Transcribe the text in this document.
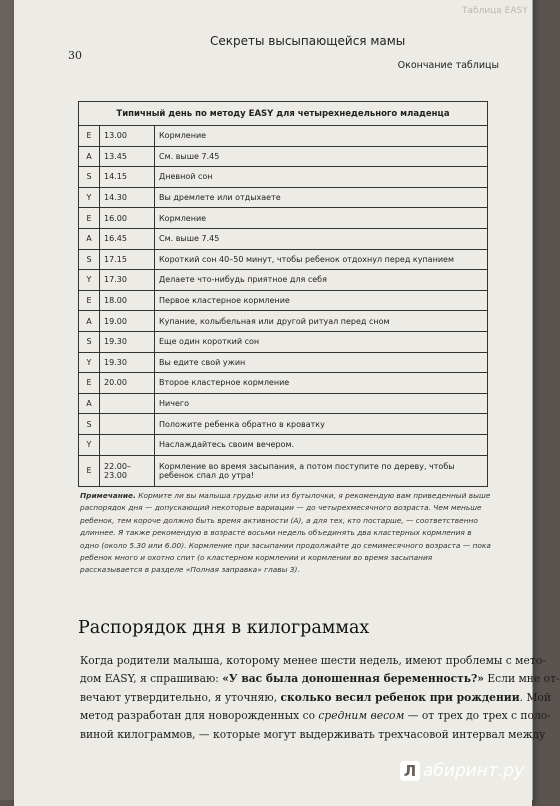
Таблица EASY
30
Секреты высыпающейся мамы
Окончание таблицы
Типичный день по методу EASY для четырехнедельного младенца		
E	13.00	Кормление
A	13.45	См. выше 7.45
S	14.15	Дневной сон
Y	14.30	Вы дремлете или отдыхаете
E	16.00	Кормление
A	16.45	См. выше 7.45
S	17.15	Короткий сон 40–50 минут, чтобы ребенок отдохнул перед купанием
Y	17.30	Делаете что-нибудь приятное для себя
E	18.00	Первое кластерное кормление
A	19.00	Купание, колыбельная или другой ритуал перед сном
S	19.30	Еще один короткий сон
Y	19.30	Вы едите свой ужин
E	20.00	Второе кластерное кормление
A		Ничего
S		Положите ребенка обратно в кроватку
Y		Наслаждайтесь своим вечером.
E	22.00–23.00	Кормление во время засыпания, а потом поступите по дереву, чтобы ребенок спал до утра!
Примечание. Кормите ли вы малыша грудью или из бутылочки, я рекомендую вам приведенный выше распорядок дня — допускающий некоторые вариации — до четырехмесячного возраста. Чем меньше ребенок, тем короче должно быть время активности (А), а для тех, кто постарше, — соответственно длиннее. Я также рекомендую в возрасте восьми недель объединять два кластерных кормления в одно (около 5.30 или 6.00). Кормление при засыпании продолжайте до семимесячного возраста — пока ребенок много и охотно спит (о кластерном кормлении и кормлении во время засыпания рассказывается в разделе «Полная заправка» главы 3).
Распорядок дня в килограммах
Когда родители малыша, которому менее шести недель, имеют проблемы с мето-
дом EASY, я спрашиваю: «У вас была доношенная беременность?» Если мне от-
вечают утвердительно, я уточняю, сколько весил ребенок при рождении. Мой
метод разработан для новорожденных со средним весом — от трех до трех с поло-
виной килограммов, — которые могут выдерживать трехчасовой интервал между
Л абиринт.ру
